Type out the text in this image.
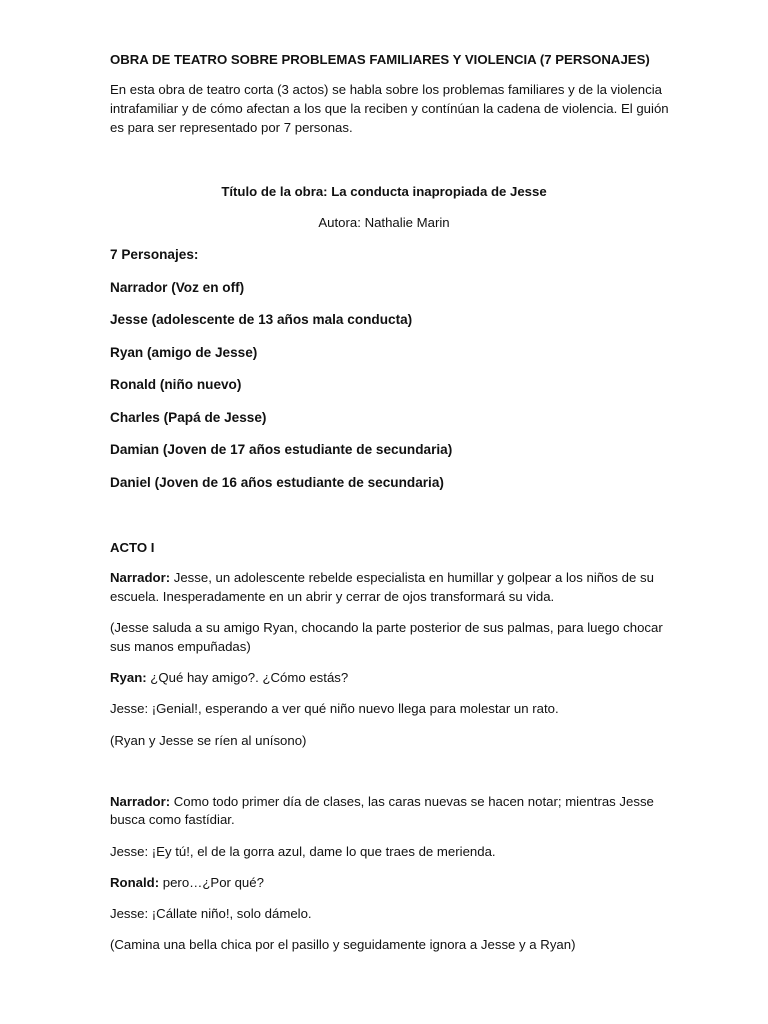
OBRA DE TEATRO SOBRE PROBLEMAS FAMILIARES Y VIOLENCIA (7 PERSONAJES)
En esta obra de teatro corta (3 actos) se habla sobre los problemas familiares y de la violencia
intrafamiliar y de cómo afectan a los que la reciben y contínúan la cadena de violencia. El guión
es para ser representado por 7 personas.
Título de la obra: La conducta inapropiada de Jesse
Autora: Nathalie Marin
7 Personajes:
Narrador (Voz en off)
Jesse (adolescente de 13 años mala conducta)
Ryan (amigo de Jesse)
Ronald (niño nuevo)
Charles (Papá de Jesse)
Damian (Joven de 17 años estudiante de secundaria)
Daniel (Joven de 16 años estudiante de secundaria)
ACTO I
Narrador: Jesse, un adolescente rebelde especialista en humillar y golpear a los niños de su
escuela. Inesperadamente en un abrir y cerrar de ojos transformará su vida.
(Jesse saluda a su amigo Ryan, chocando la parte posterior de sus palmas, para luego chocar
sus manos empuñadas)
Ryan: ¿Qué hay amigo?. ¿Cómo estás?
Jesse: ¡Genial!, esperando a ver qué niño nuevo llega para molestar un rato.
(Ryan y Jesse se ríen al unísono)
Narrador: Como todo primer día de clases, las caras nuevas se hacen notar; mientras Jesse
busca como fastídiar.
Jesse: ¡Ey tú!, el de la gorra azul, dame lo que traes de merienda.
Ronald: pero…¿Por qué?
Jesse: ¡Cállate niño!, solo dámelo.
(Camina una bella chica por el pasillo y seguidamente ignora a Jesse y a Ryan)
